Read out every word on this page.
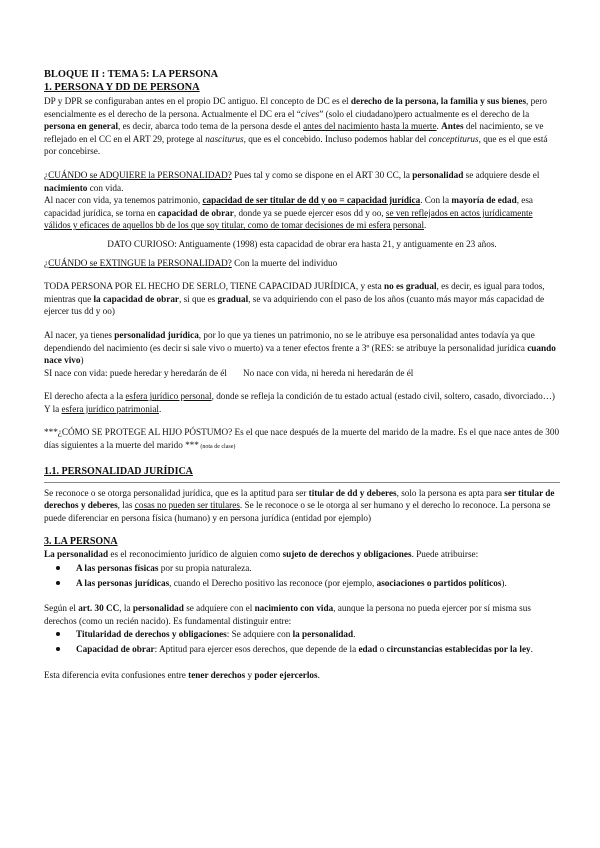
BLOQUE II : TEMA 5: LA PERSONA
1. PERSONA Y DD DE PERSONA

DP y DPR se configuraban antes en el propio DC antiguo. El concepto de DC es el derecho de la persona, la familia y sus bienes, pero esencialmente es el derecho de la persona. Actualmente el DC era el “cives” (solo el ciudadano)pero actualmente es el derecho de la persona en general, es decir, abarca todo tema de la persona desde el antes del nacimiento hasta la muerte. Antes del nacimiento, se ve reflejado en el CC en el ART 29, protege al nasciturus, que es el concebido. Incluso podemos hablar del conceptiturus, que es el que está por concebirse.

¿CUÁNDO se ADQUIERE la PERSONALIDAD? Pues tal y como se dispone en el ART 30 CC, la personalidad se adquiere desde el nacimiento con vida.

Al nacer con vida, ya tenemos patrimonio, capacidad de ser titular de dd y oo = capacidad jurídica. Con la mayoría de edad, esa capacidad jurídica, se torna en capacidad de obrar, donde ya se puede ejercer esos dd y oo, se ven reflejados en actos jurídicamente válidos y eficaces de aquellos bb de los que soy titular, como de tomar decisiones de mi esfera personal.

DATO CURIOSO: Antiguamente (1998) esta capacidad de obrar era hasta 21, y antiguamente en 23 años.

¿CUÁNDO se EXTINGUE la PERSONALIDAD? Con la muerte del individuo

TODA PERSONA POR EL HECHO DE SERLO, TIENE CAPACIDAD JURÍDICA, y esta no es gradual, es decir, es igual para todos, mientras que la capacidad de obrar, si que es gradual, se va adquiriendo con el paso de los años (cuanto más mayor más capacidad de ejercer tus dd y oo)

Al nacer, ya tienes personalidad jurídica, por lo que ya tienes un patrimonio, no se le atribuye esa personalidad antes todavía ya que dependiendo del nacimiento (es decir si sale vivo o muerto) va a tener efectos frente a 3º (RES: se atribuye la personalidad jurídica cuando nace vivo)

SI nace con vida: puede heredar y heredarán de él       No nace con vida, ni hereda ni heredarán de él

El derecho afecta a la esfera jurídico personal, donde se refleja la condición de tu estado actual (estado civil, soltero, casado, divorciado…) Y la esfera jurídico patrimonial.

***¿CÓMO SE PROTEGE AL HIJO PÓSTUMO? Es el que nace después de la muerte del marido de la madre. Es el que nace antes de 300 días siguientes a la muerte del marido *** (nota de clase)

1.1. PERSONALIDAD JURÍDICA

Se reconoce o se otorga personalidad jurídica, que es la aptitud para ser titular de dd y deberes, solo la persona es apta para ser titular de derechos y deberes, las cosas no pueden ser titulares. Se le reconoce o se le otorga al ser humano y el derecho lo reconoce. La persona se puede diferenciar en persona física (humano) y en persona jurídica (entidad por ejemplo)

3. LA PERSONA

La personalidad es el reconocimiento jurídico de alguien como sujeto de derechos y obligaciones. Puede atribuirse:

A las personas físicas por su propia naturaleza.
A las personas jurídicas, cuando el Derecho positivo las reconoce (por ejemplo, asociaciones o partidos políticos).

Según el art. 30 CC, la personalidad se adquiere con el nacimiento con vida, aunque la persona no pueda ejercer por sí misma sus derechos (como un recién nacido). Es fundamental distinguir entre:

Titularidad de derechos y obligaciones: Se adquiere con la personalidad.
Capacidad de obrar: Aptitud para ejercer esos derechos, que depende de la edad o circunstancias establecidas por la ley.

Esta diferencia evita confusiones entre tener derechos y poder ejercerlos.
